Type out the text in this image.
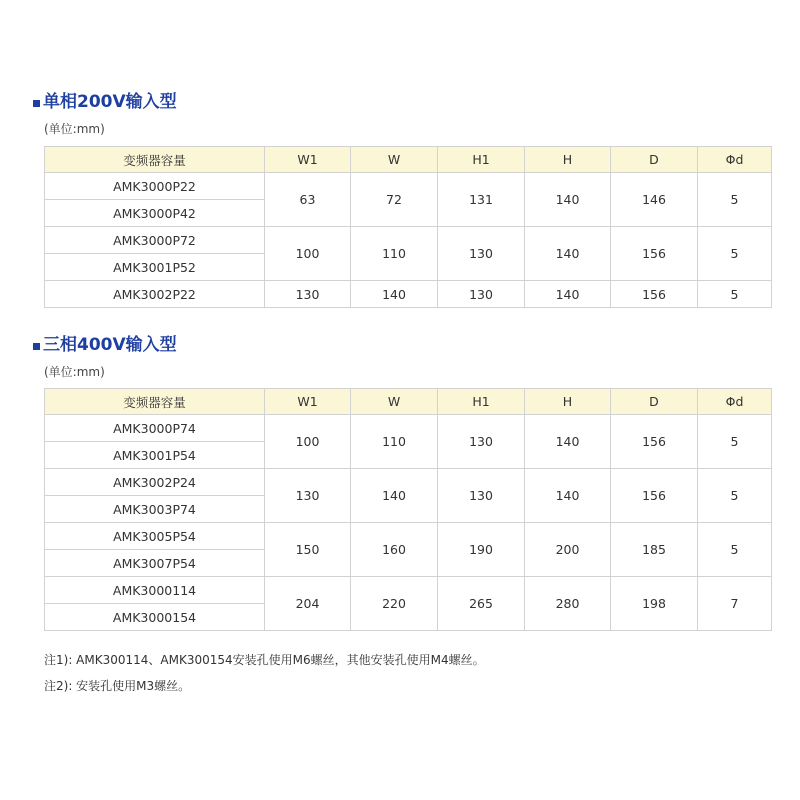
单相200V输入型
(单位:mm)
变频器容量	W1	W	H1	H	D	Φd
AMK3000P22	63	72	131	140	146	5
AMK3000P42						
AMK3000P72	100	110	130	140	156	5
AMK3001P52						
AMK3002P22	130	140	130	140	156	5
三相400V输入型
(单位:mm)
变频器容量	W1	W	H1	H	D	Φd
AMK3000P74	100	110	130	140	156	5
AMK3001P54						
AMK3002P24	130	140	130	140	156	5
AMK3003P74						
AMK3005P54	150	160	190	200	185	5
AMK3007P54						
AMK3000114	204	220	265	280	198	7
AMK3000154						
注1): AMK300114、AMK300154安装孔使用M6螺丝，其他安装孔使用M4螺丝。
注2): 安装孔使用M3螺丝。
